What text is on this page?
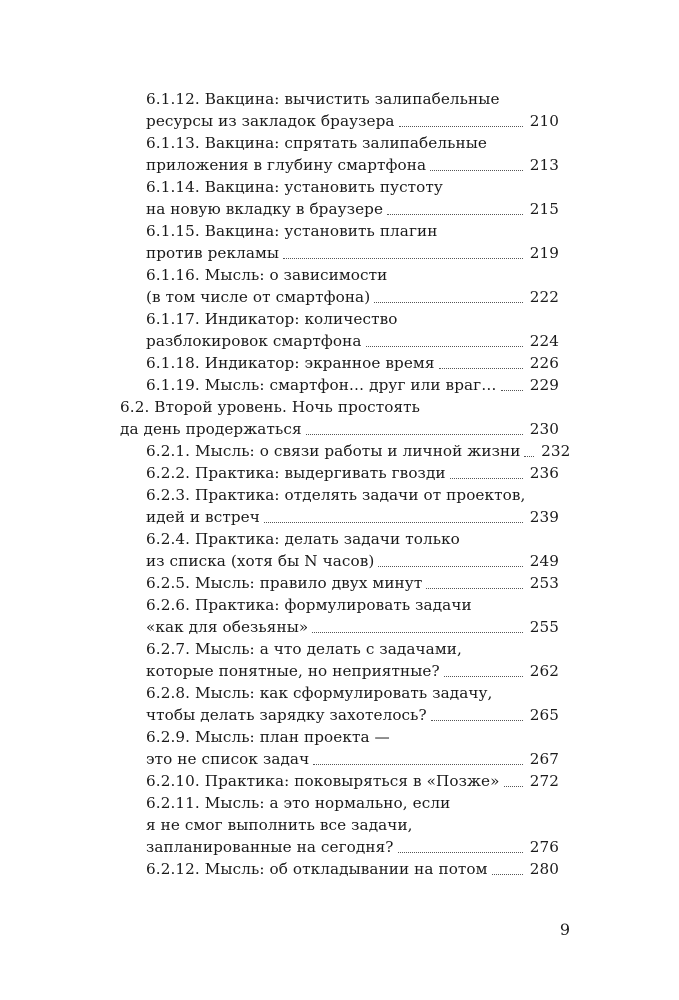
6.1.12. Вакцина: вычистить залипабельные
ресурсы из закладок браузера	210
6.1.13. Вакцина: спрятать залипабельные
приложения в глубину смартфона	213
6.1.14. Вакцина: установить пустоту
на новую вкладку в браузере	215
6.1.15. Вакцина: установить плагин
против рекламы	219
6.1.16. Мысль: о зависимости
(в том числе от смартфона)	222
6.1.17. Индикатор: количество
разблокировок смартфона	224
6.1.18. Индикатор: экранное время	226
6.1.19. Мысль: смартфон… друг или враг… 229
6.2. Второй уровень. Ночь простоять
да день продержаться	230
6.2.1. Мысль: о связи работы и личной жизни 232
6.2.2. Практика: выдергивать гвозди	236
6.2.3. Практика: отделять задачи от проектов,
идей и встреч	239
6.2.4. Практика: делать задачи только
из списка (хотя бы N часов)	249
6.2.5. Мысль: правило двух минут	253
6.2.6. Практика: формулировать задачи
«как для обезьяны»	255
6.2.7. Мысль: а что делать с задачами,
которые понятные, но неприятные?	262
6.2.8. Мысль: как сформулировать задачу,
чтобы делать зарядку захотелось?	265
6.2.9. Мысль: план проекта —
это не список задач	267
6.2.10. Практика: поковыряться в «Позже» 272
6.2.11. Мысль: а это нормально, если
я не смог выполнить все задачи,
запланированные на сегодня?	276
6.2.12. Мысль: об откладывании на потом	280
9
